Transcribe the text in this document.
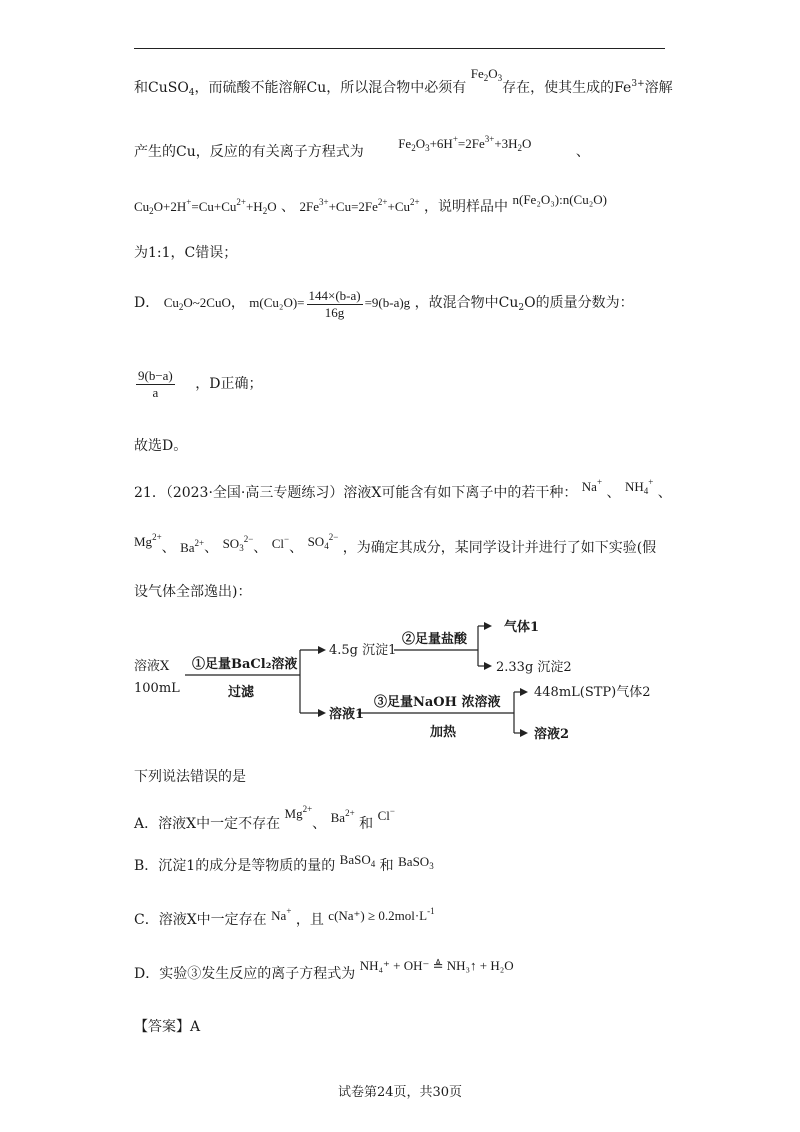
和CuSO$_4$，而硫酸不能溶解Cu，所以混合物中必须有 $Fe_2O_3$存在，使其生成的$Fe^{3+}$溶解
产生的Cu，反应的有关离子方程式为 $Fe_2O_3+6H^+=2Fe^{3+}+3H_2O$ 、
$Cu_2O+2H^+=Cu+Cu^{2+}+H_2O$ 、 $2Fe^{3+}+Cu=2Fe^{2+}+Cu^{2+}$ ，说明样品中 n(Fe₂O₃):n(Cu₂O)
为1:1，C错误；
D． $Cu_2O\sim 2CuO$， $m(Cu_2O)= \frac{144\times(b-a)}{16g} =9(b-a)g$ ，故混合物中$Cu_2O$的质量分数为：
$\frac{9(b-a)}{a}$ ，D正确；
故选D。
21．（2023·全国·高三专题练习）溶液X可能含有如下离子中的若干种： Na+ 、 $NH_4^+$ 、
$Mg^{2+}$、 $Ba^{2+}$、 $SO_3^{2-}$、 Cl−、 $SO_4^{2-}$ ，为确定其成分，某同学设计并进行了如下实验(假
设气体全部逸出)：
溶液X
100mL
①足量BaCl₂溶液
过滤
4.5g 沉淀1
②足量盐酸
气体1
2.33g 沉淀2
溶液1
③足量NaOH 浓溶液
加热
448mL(STP)气体2
溶液2
下列说法错误的是
A．溶液X中一定不存在 $Mg^{2+}$、 $Ba^{2+}$ 和 Cl−
B．沉淀1的成分是等物质的量的 BaSO$_4$ 和 BaSO$_3$
C．溶液X中一定存在 Na+ ，且 $c(Na^+) \ge 0.2mol\cdot L^{-1}$
D．实验③发生反应的离子方程式为 NH₄⁺ + OH⁻ ≜ NH₃↑ + H₂O
【答案】A
试卷第24页，共30页
